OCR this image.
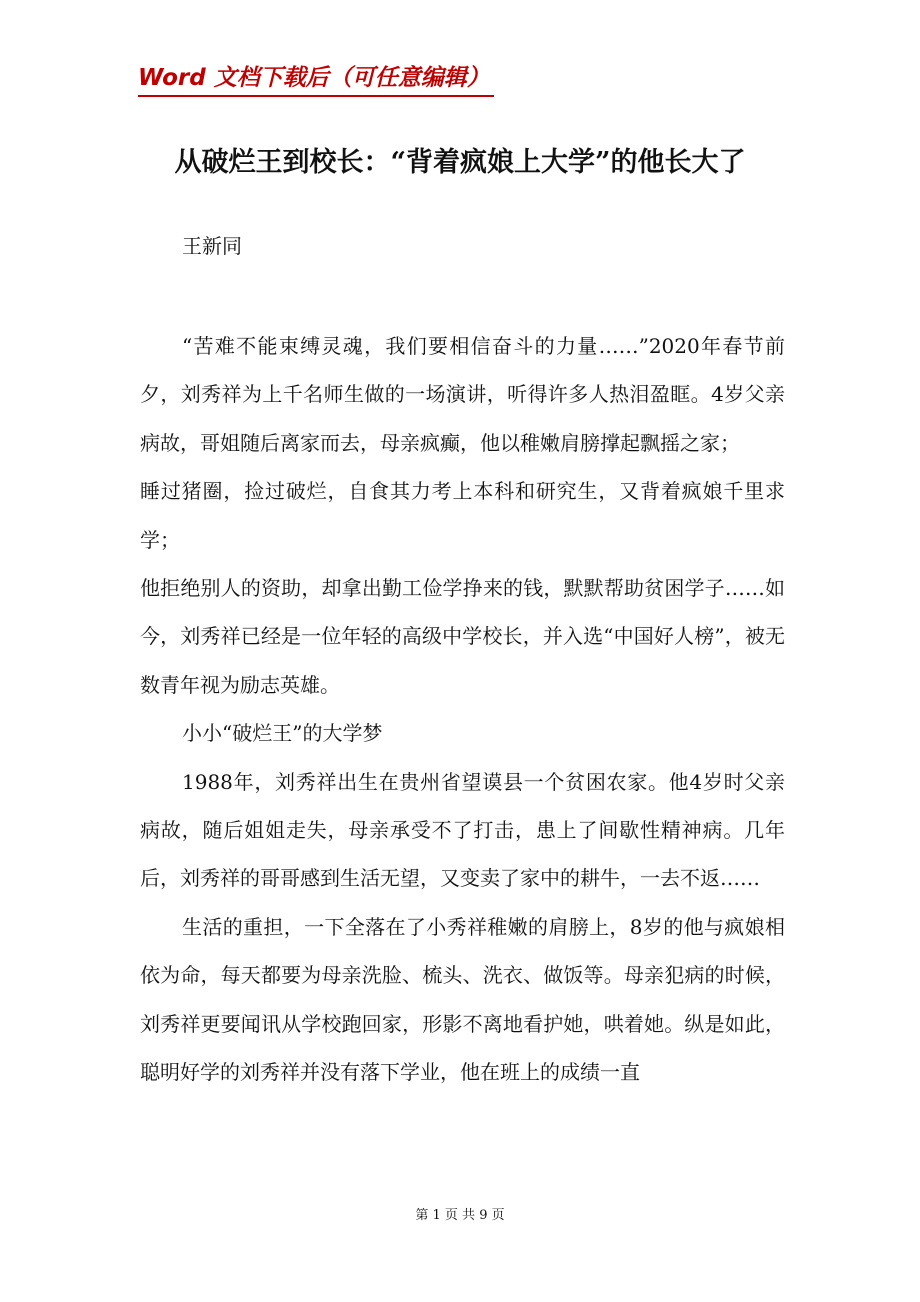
Word 文档下载后（可任意编辑）
从破烂王到校长：“背着疯娘上大学”的他长大了
王新同

“苦难不能束缚灵魂，我们要相信奋斗的力量……”2020年春节前夕，刘秀祥为上千名师生做的一场演讲，听得许多人热泪盈眶。4岁父亲病故，哥姐随后离家而去，母亲疯癫，他以稚嫩肩膀撑起飘摇之家；

睡过猪圈，捡过破烂，自食其力考上本科和研究生，又背着疯娘千里求学；

他拒绝别人的资助，却拿出勤工俭学挣来的钱，默默帮助贫困学子……如今，刘秀祥已经是一位年轻的高级中学校长，并入选“中国好人榜”，被无数青年视为励志英雄。

小小“破烂王”的大学梦

1988年，刘秀祥出生在贵州省望谟县一个贫困农家。他4岁时父亲病故，随后姐姐走失，母亲承受不了打击，患上了间歇性精神病。几年后，刘秀祥的哥哥感到生活无望，又变卖了家中的耕牛，一去不返……

生活的重担，一下全落在了小秀祥稚嫩的肩膀上，8岁的他与疯娘相依为命，每天都要为母亲洗脸、梳头、洗衣、做饭等。母亲犯病的时候，刘秀祥更要闻讯从学校跑回家，形影不离地看护她，哄着她。纵是如此，聪明好学的刘秀祥并没有落下学业，他在班上的成绩一直

第 1 页 共 9 页
